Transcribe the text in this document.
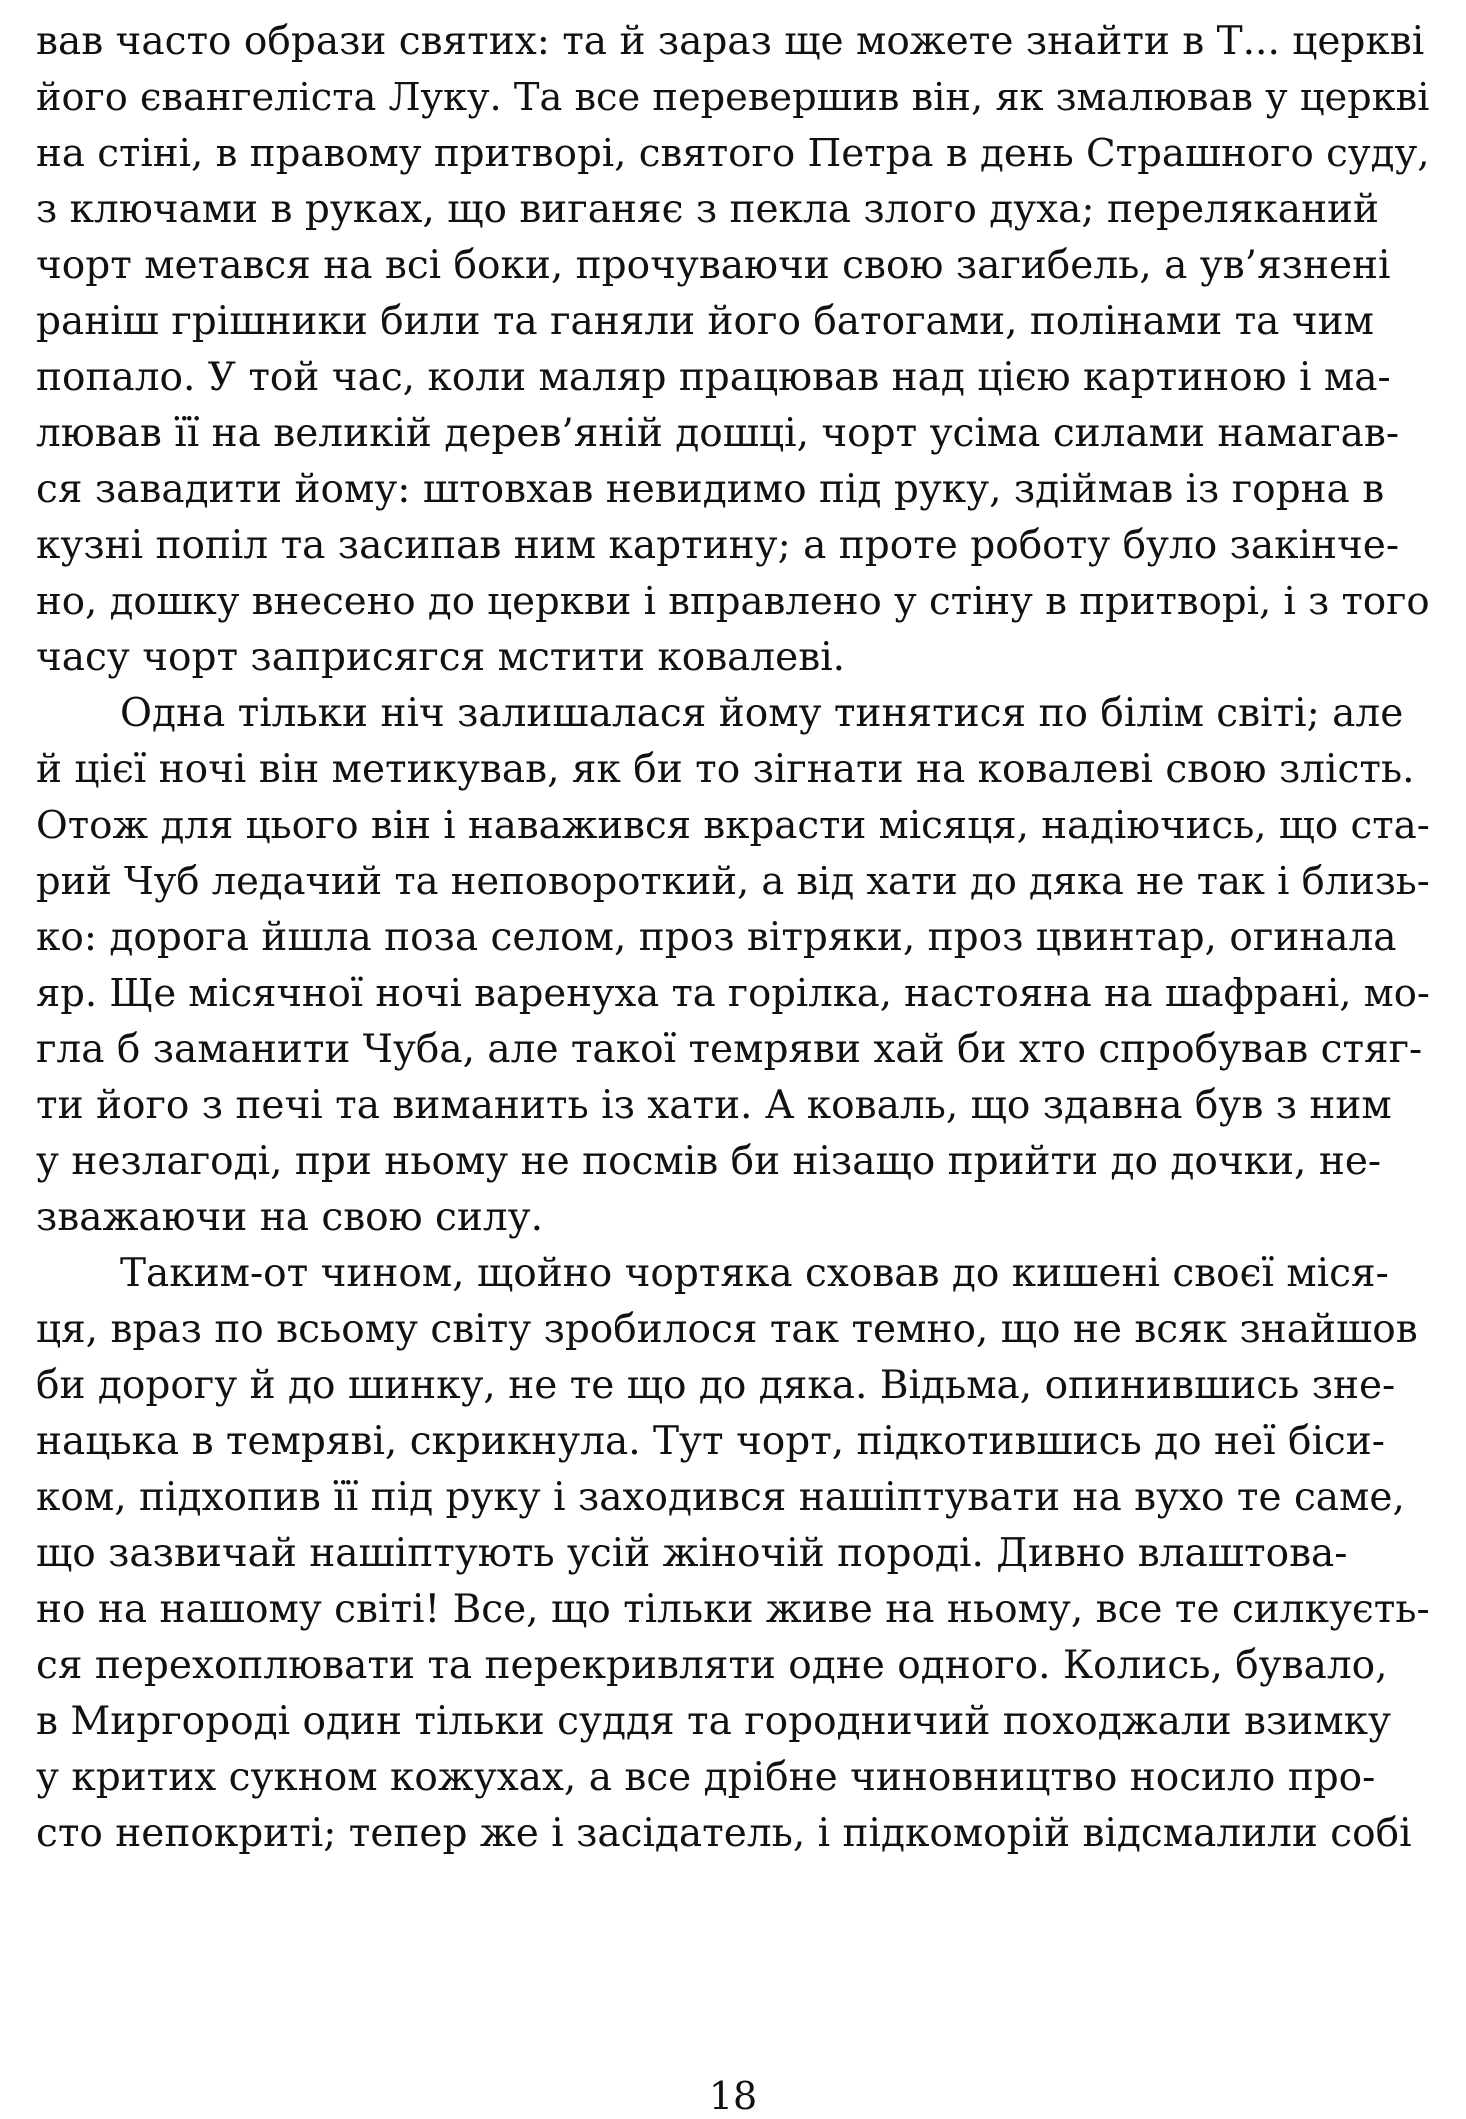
вав часто образи святих: та й зараз ще можете знайти в Т... церкві
його євангеліста Луку. Та все перевершив він, як змалював у церкві
на стіні, в правому притворі, святого Петра в день Страшного суду,
з ключами в руках, що виганяє з пекла злого духа; переляканий
чорт метався на всі боки, прочуваючи свою загибель, а ув’язнені
раніш грішники били та ганяли його батогами, полінами та чим
попало. У той час, коли маляр працював над цією картиною і ма-
лював її на великій дерев’яній дошці, чорт усіма силами намагав-
ся завадити йому: штовхав невидимо під руку, здіймав із горна в
кузні попіл та засипав ним картину; а проте роботу було закінче-
но, дошку внесено до церкви і вправлено у стіну в притворі, і з того
часу чорт заприсягся мстити ковалеві.
Одна тільки ніч залишалася йому тинятися по білім світі; але
й цієї ночі він метикував, як би то зігнати на ковалеві свою злість.
Отож для цього він і наважився вкрасти місяця, надіючись, що ста-
рий Чуб ледачий та неповороткий, а від хати до дяка не так і близь-
ко: дорога йшла поза селом, проз вітряки, проз цвинтар, огинала
яр. Ще місячної ночі варенуха та горілка, настояна на шафрані, мо-
гла б заманити Чуба, але такої темряви хай би хто спробував стяг-
ти його з печі та виманить із хати. А коваль, що здавна був з ним
у незлагоді, при ньому не посмів би нізащо прийти до дочки, не-
зважаючи на свою силу.
Таким-от чином, щойно чортяка сховав до кишені своєї міся-
ця, враз по всьому світу зробилося так темно, що не всяк знайшов
би дорогу й до шинку, не те що до дяка. Відьма, опинившись зне-
нацька в темряві, скрикнула. Тут чорт, підкотившись до неї біси-
ком, підхопив її під руку і заходився нашіптувати на вухо те саме,
що зазвичай нашіптують усій жіночій породі. Дивно влаштова-
но на нашому світі! Все, що тільки живе на ньому, все те силкуєть-
ся перехоплювати та перекривляти одне одного. Колись, бувало,
в Миргороді один тільки суддя та городничий походжали взимку
у критих сукном кожухах, а все дрібне чиновництво носило про-
сто непокриті; тепер же і засідатель, і підкоморій відсмалили собі
18
